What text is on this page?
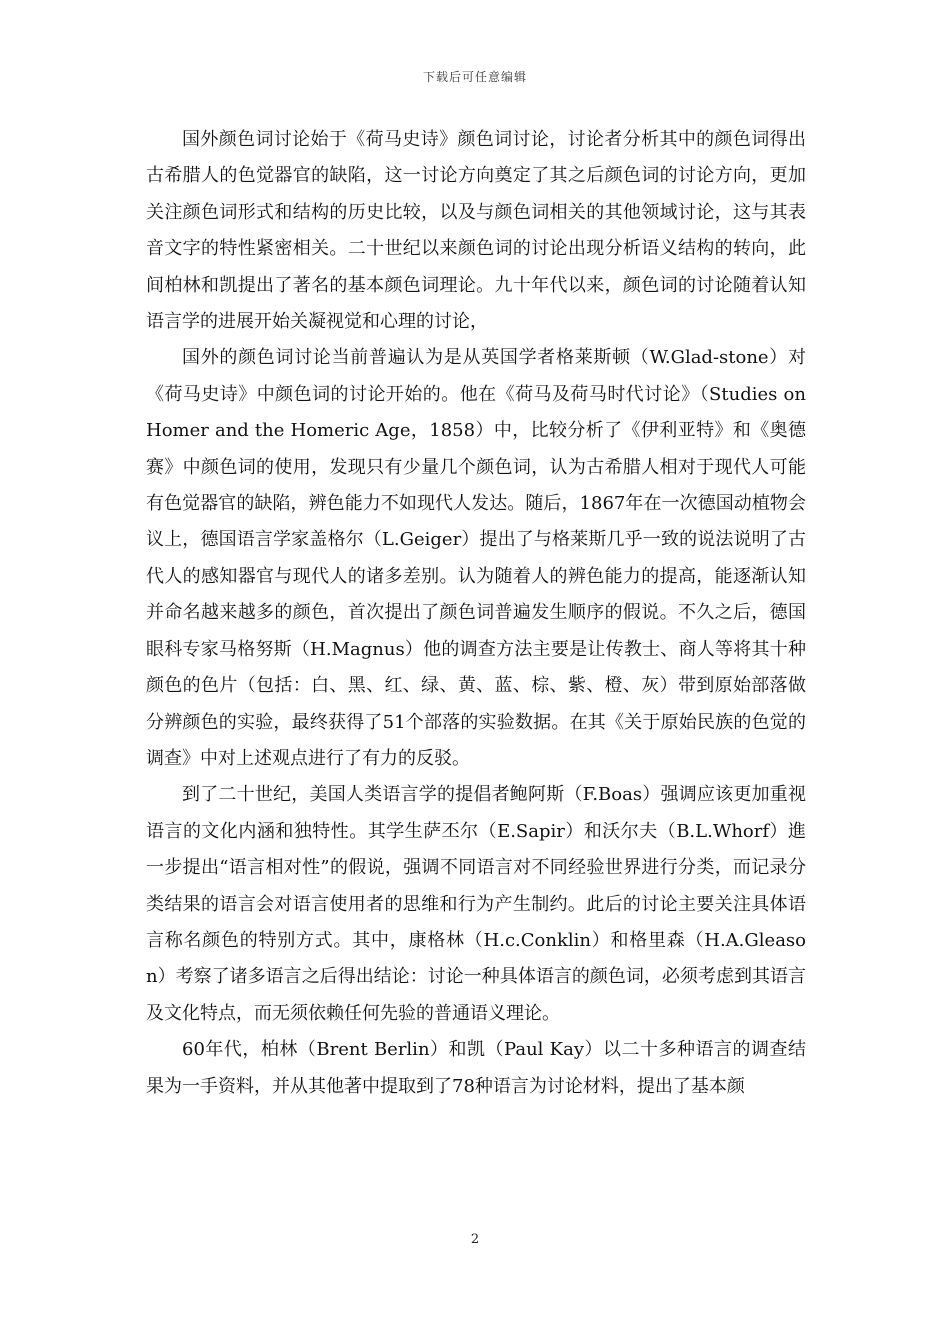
下载后可任意编辑

国外颜色词讨论始于《荷马史诗》颜色词讨论，讨论者分析其中的颜色词得出古希腊人的色觉器官的缺陷，这一讨论方向奠定了其之后颜色词的讨论方向，更加关注颜色词形式和结构的历史比较，以及与颜色词相关的其他领域讨论，这与其表音文字的特性紧密相关。二十世纪以来颜色词的讨论出现分析语义结构的转向，此间柏林和凯提出了著名的基本颜色词理论。九十年代以来，颜色词的讨论随着认知语言学的进展开始关凝视觉和心理的讨论，

国外的颜色词讨论当前普遍认为是从英国学者格莱斯顿（W.Glad-stone）对《荷马史诗》中颜色词的讨论开始的。他在《荷马及荷马时代讨论》（Studies on Homer and the Homeric Age，1858）中，比较分析了《伊利亚特》和《奥德赛》中颜色词的使用，发现只有少量几个颜色词，认为古希腊人相对于现代人可能有色觉器官的缺陷，辨色能力不如现代人发达。随后，1867年在一次德国动植物会议上，德国语言学家盖格尔（L.Geiger）提出了与格莱斯几乎一致的说法说明了古代人的感知器官与现代人的诸多差别。认为随着人的辨色能力的提高，能逐渐认知并命名越来越多的颜色，首次提出了颜色词普遍发生顺序的假说。不久之后，德国眼科专家马格努斯（H.Magnus）他的调查方法主要是让传教士、商人等将其十种颜色的色片（包括：白、黑、红、绿、黄、蓝、棕、紫、橙、灰）带到原始部落做分辨颜色的实验，最终获得了51个部落的实验数据。在其《关于原始民族的色觉的调查》中对上述观点进行了有力的反驳。

到了二十世纪，美国人类语言学的提倡者鲍阿斯（F.Boas）强调应该更加重视语言的文化内涵和独特性。其学生萨丕尔（E.Sapir）和沃尔夫（B.L.Whorf）進一步提出“语言相对性”的假说，强调不同语言对不同经验世界进行分类，而记录分类结果的语言会对语言使用者的思维和行为产生制约。此后的讨论主要关注具体语言称名颜色的特别方式。其中，康格林（H.c.Conklin）和格里森（H.A.Gleason）考察了诸多语言之后得出结论：讨论一种具体语言的颜色词，必须考虑到其语言及文化特点，而无须依赖任何先验的普通语义理论。

60年代，柏林（Brent Berlin）和凯（Paul Kay）以二十多种语言的调查结果为一手资料，并从其他著中提取到了78种语言为讨论材料，提出了基本颜

2
